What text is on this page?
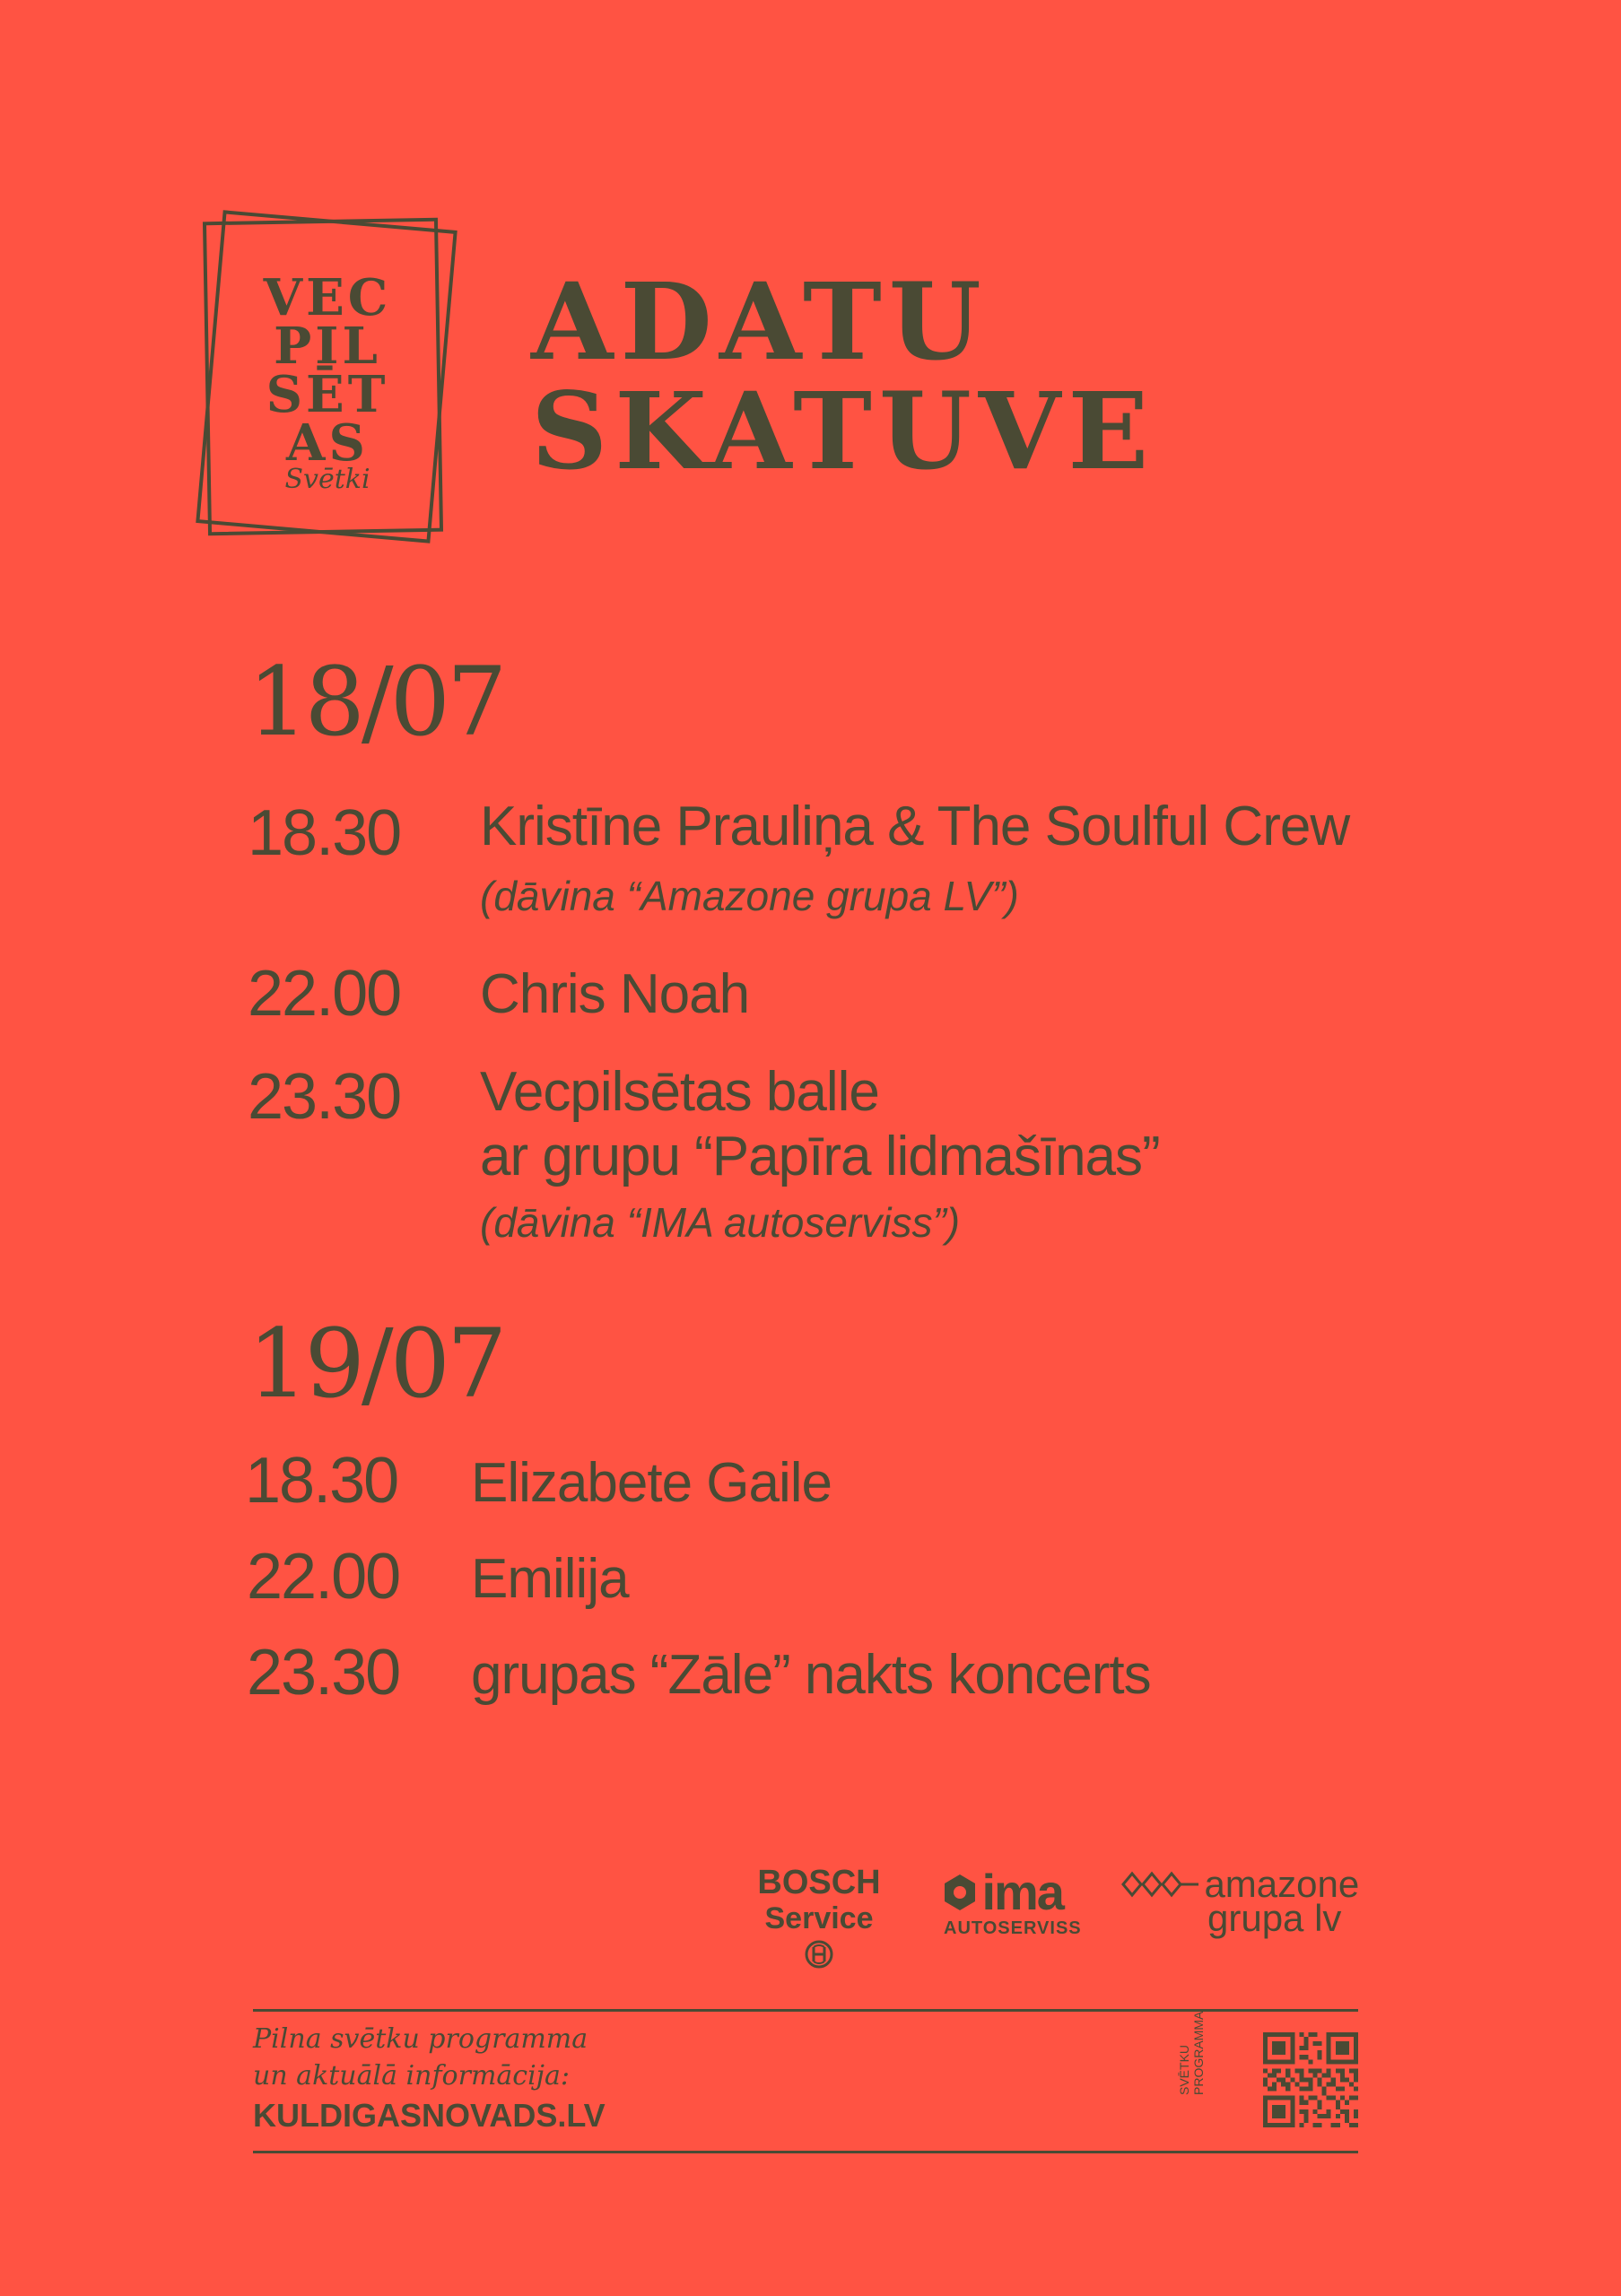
VEC
PIL
SĒT
AS
Svētki
ADATU
SKATUVE
18/07
18.30 Kristīne Prauliņa & The Soulful Crew
(dāvina “Amazone grupa LV”)
22.00 Chris Noah
23.30 Vecpilsētas balle
ar grupu “Papīra lidmašīnas”
(dāvina “IMA autoserviss”)
19/07
18.30 Elizabete Gaile
22.00 Emilija
23.30 grupas “Zāle” nakts koncerts
BOSCH
Service	ima
AUTOSERVISS
amazone
grupa lv
Pilna svētku programma
un aktuālā informācija:
KULDIGASNOVADS.LV
SVĒTKU PROGRAMMA
